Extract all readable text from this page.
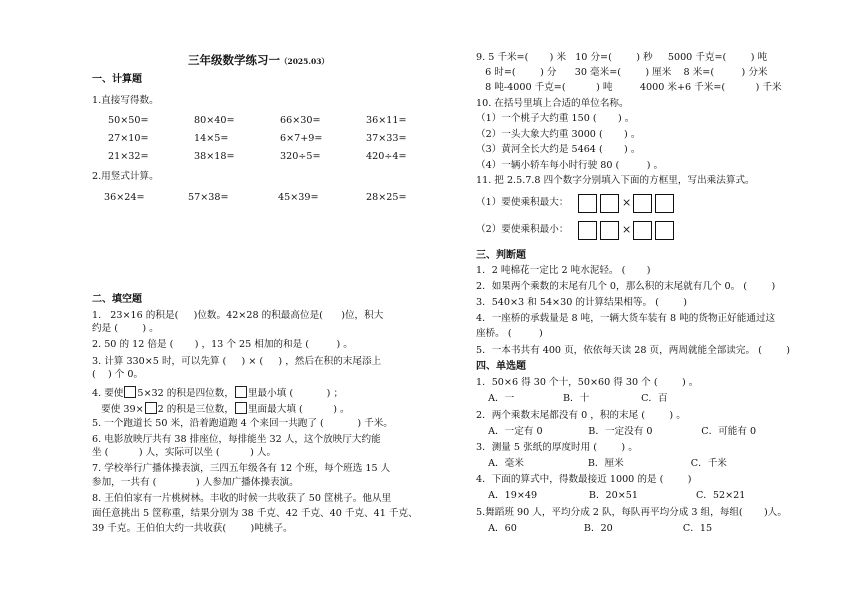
三年级数学练习一（2025.03）
一、计算题
1.直接写得数。
50×50=	80×40=	66×30=	36×11=
27×10=	14×5=	6×7+9=	37×33=
21×32=	38×18=	320÷5=	420÷4=
2.用竖式计算。
36×24=	57×38=	45×39=	28×25=
二、填空题
1.   23×16 的积是(     )位数。42×28 的积最高位是(      )位，积大
约是 (        ) 。
2. 50 的 12 倍是 (       ) ，13 个 25 相加的和是 (         ) 。
3. 计算 330×5 时，可以先算 (     ) × (     ) ，然后在积的末尾添上
(    ) 个 0。
4. 要使 5×32 的积是四位数， 里最小填 (           ) ；
要使 39× 2 的积是三位数， 里面最大填 (          ) 。
5. 一个跑道长 50 米，沿着跑道跑 4 个来回一共跑了 (           ) 千米。
6. 电影放映厅共有 38 排座位，每排能坐 32 人，这个放映厅大约能
坐 (          ) 人，实际可以坐 (          ) 人。
7. 学校举行广播体操表演，三四五年级各有 12 个班，每个班选 15 人
参加，一共有 (             ) 人参加广播体操表演。
8. 王伯伯家有一片桃树林。丰收的时候一共收获了 50 筐桃子。他从里
面任意挑出 5 筐称重，结果分别为 38 千克、42 千克、40 千克、41 千克、
39 千克。王伯伯大约一共收获(        )吨桃子。
9. 5 千米=(       ) 米   10 分=(        ) 秒     5000 千克=(        ) 吨
6 时=(        ) 分      30 毫米=(        ) 厘米    8 米=(         ) 分米
8 吨-4000 千克=(          ) 吨         4000 米+6 千米=(          ) 千米
10. 在括号里填上合适的单位名称。
（1）一个桃子大约重 150 (       ) 。
（2）一头大象大约重 3000 (       ) 。
（3）黄河全长大约是 5464 (       ) 。
（4）一辆小轿车每小时行驶 80 (         ) 。
11. 把 2.5.7.8 四个数字分别填入下面的方框里，写出乘法算式。
（1）要使乘积最大：	×
（2）要使乘积最小：	×
三、判断题
1．2 吨棉花一定比 2 吨水泥轻。 (       )
2．如果两个乘数的末尾有几个 0，那么积的末尾就有几个 0。 (        )
3．540×3 和 54×30 的计算结果相等。 (        )
4．一座桥的承载量是 8 吨，一辆大货车装有 8 吨的货物正好能通过这
座桥。 (         )
5．一本书共有 400 页，依依每天读 28 页，两周就能全部读完。 (        )
四、单选题
1．50×6 得 30 个十，50×60 得 30 个 (        ) 。
A．一                B．十                 C．百
2．两个乘数末尾都没有 0 ，积的末尾 (        ) 。
A．一定有 0               B．一定没有 0                C．可能有 0
3．测量 5 张纸的厚度时用 (        ) 。
A．毫米                     B．厘米                      C．千米
4．下面的算式中，得数最接近 1000 的是 (        )
A．19×49                 B．20×51                   C．52×21
5.舞蹈班 90 人，平均分成 2 队，每队再平均分成 3 组，每组(       )人。
A．60                      B．20                       C．15
